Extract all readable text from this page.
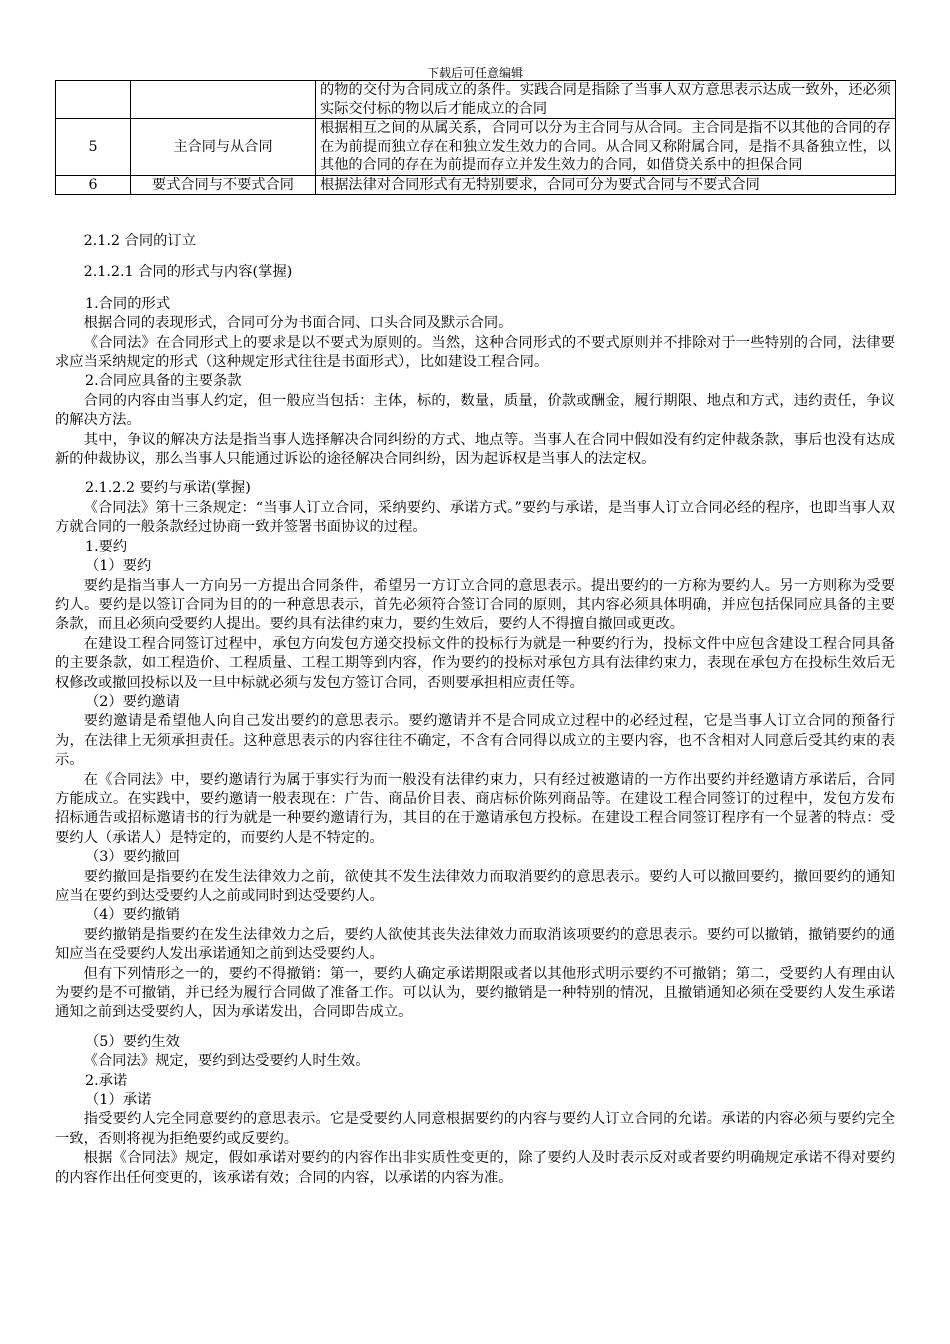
下载后可任意编辑
		的物的交付为合同成立的条件。实践合同是指除了当事人双方意思表示达成一致外，还必须实际交付标的物以后才能成立的合同
5	主合同与从合同	根据相互之间的从属关系，合同可以分为主合同与从合同。主合同是指不以其他的合同的存在为前提而独立存在和独立发生效力的合同。从合同又称附属合同，是指不具备独立性，以其他的合同的存在为前提而存立并发生效力的合同，如借贷关系中的担保合同
6	要式合同与不要式合同	根据法律对合同形式有无特别要求，合同可分为要式合同与不要式合同

2.1.2 合同的订立

2.1.2.1 合同的形式与内容(掌握)

1.合同的形式

根据合同的表现形式，合同可分为书面合同、口头合同及默示合同。

《合同法》在合同形式上的要求是以不要式为原则的。当然，这种合同形式的不要式原则并不排除对于一些特别的合同，法律要求应当采纳规定的形式（这种规定形式往往是书面形式），比如建设工程合同。

2.合同应具备的主要条款

合同的内容由当事人约定，但一般应当包括：主体，标的，数量，质量，价款或酬金，履行期限、地点和方式，违约责任，争议的解决方法。

其中，争议的解决方法是指当事人选择解决合同纠纷的方式、地点等。当事人在合同中假如没有约定仲裁条款，事后也没有达成新的仲裁协议，那么当事人只能通过诉讼的途径解决合同纠纷，因为起诉权是当事人的法定权。

2.1.2.2 要约与承诺(掌握)

《合同法》第十三条规定：“当事人订立合同，采纳要约、承诺方式。”要约与承诺，是当事人订立合同必经的程序，也即当事人双方就合同的一般条款经过协商一致并签署书面协议的过程。

1.要约

（1）要约

要约是指当事人一方向另一方提出合同条件，希望另一方订立合同的意思表示。提出要约的一方称为要约人。另一方则称为受要约人。要约是以签订合同为目的的一种意思表示，首先必须符合签订合同的原则，其内容必须具体明确，并应包括保同应具备的主要条款，而且必须向受要约人提出。要约具有法律约束力，要约生效后，要约人不得擅自撤回或更改。

在建设工程合同签订过程中，承包方向发包方递交投标文件的投标行为就是一种要约行为，投标文件中应包含建设工程合同具备的主要条款，如工程造价、工程质量、工程工期等到内容，作为要约的投标对承包方具有法律约束力，表现在承包方在投标生效后无权修改或撤回投标以及一旦中标就必须与发包方签订合同，否则要承担相应责任等。

（2）要约邀请

要约邀请是希望他人向自己发出要约的意思表示。要约邀请并不是合同成立过程中的必经过程，它是当事人订立合同的预备行为，在法律上无须承担责任。这种意思表示的内容往往不确定，不含有合同得以成立的主要内容，也不含相对人同意后受其约束的表示。

在《合同法》中，要约邀请行为属于事实行为而一般没有法律约束力，只有经过被邀请的一方作出要约并经邀请方承诺后，合同方能成立。在实践中，要约邀请一般表现在：广告、商品价目表、商店标价陈列商品等。在建设工程合同签订的过程中，发包方发布招标通告或招标邀请书的行为就是一种要约邀请行为，其目的在于邀请承包方投标。在建设工程合同签订程序有一个显著的特点：受要约人（承诺人）是特定的，而要约人是不特定的。

（3）要约撤回

要约撤回是指要约在发生法律效力之前，欲使其不发生法律效力而取消要约的意思表示。要约人可以撤回要约，撤回要约的通知应当在要约到达受要约人之前或同时到达受要约人。

（4）要约撤销

要约撤销是指要约在发生法律效力之后，要约人欲使其丧失法律效力而取消该项要约的意思表示。要约可以撤销，撤销要约的通知应当在受要约人发出承诺通知之前到达受要约人。

但有下列情形之一的，要约不得撤销：第一，要约人确定承诺期限或者以其他形式明示要约不可撤销；第二，受要约人有理由认为要约是不可撤销，并已经为履行合同做了准备工作。可以认为，要约撤销是一种特别的情况，且撤销通知必须在受要约人发生承诺通知之前到达受要约人，因为承诺发出，合同即告成立。

（5）要约生效

《合同法》规定，要约到达受要约人时生效。

2.承诺

（1）承诺

指受要约人完全同意要约的意思表示。它是受要约人同意根据要约的内容与要约人订立合同的允诺。承诺的内容必须与要约完全一致，否则将视为拒绝要约或反要约。

根据《合同法》规定，假如承诺对要约的内容作出非实质性变更的，除了要约人及时表示反对或者要约明确规定承诺不得对要约的内容作出任何变更的，该承诺有效；合同的内容，以承诺的内容为准。
